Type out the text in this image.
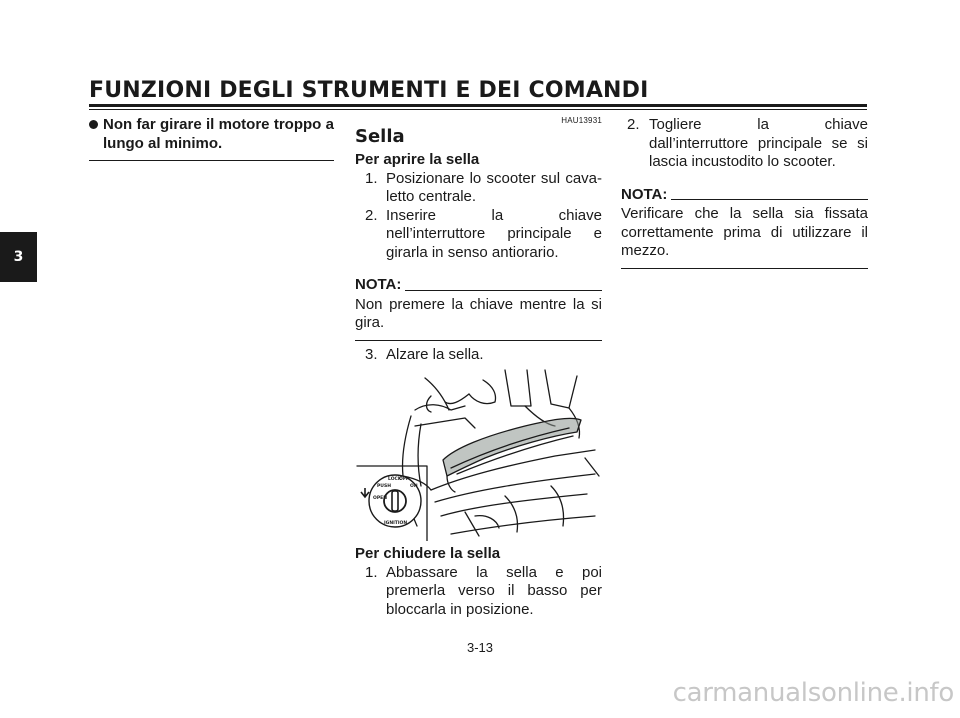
FUNZIONI DEGLI STRUMENTI E DEI COMANDI
3
Non far girare il motore troppo a lungo al minimo.
HAU13931
Sella
Per aprire la sella
1. Posizionare lo scooter sul cava-letto centrale.
2. Inserire la chiave nell’interruttore principale e girarla in senso antiorario.
NOTA:
Non premere la chiave mentre la si gira.
3. Alzare la sella.
OPEN
PUSH
LOCK
OFF
ON
IGNITION
Per chiudere la sella
1. Abbassare la sella e poi premerla verso il basso per bloccarla in posizione.
2. Togliere la chiave dall’interruttore principale se si lascia incustodito lo scooter.
NOTA:
Verificare che la sella sia fissata correttamente prima di utilizzare il mezzo.
3-13
carmanualsonline.info
